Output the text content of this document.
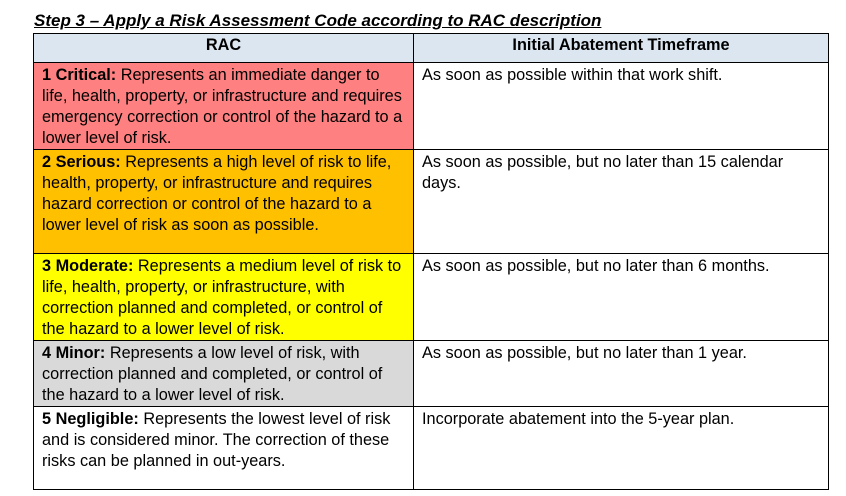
Step 3 – Apply a Risk Assessment Code according to RAC description
RAC	Initial Abatement Timeframe
1 Critical: Represents an immediate danger to life, health, property, or infrastructure and requires emergency correction or control of the hazard to a lower level of risk.	As soon as possible within that work shift.
2 Serious: Represents a high level of risk to life, health, property, or infrastructure and requires hazard correction or control of the hazard to a lower level of risk as soon as possible.	As soon as possible, but no later than 15 calendar days.
3 Moderate: Represents a medium level of risk to life, health, property, or infrastructure, with correction planned and completed, or control of the hazard to a lower level of risk.	As soon as possible, but no later than 6 months.
4 Minor: Represents a low level of risk, with correction planned and completed, or control of the hazard to a lower level of risk.	As soon as possible, but no later than 1 year.
5 Negligible: Represents the lowest level of risk and is considered minor. The correction of these risks can be planned in out-years.	Incorporate abatement into the 5-year plan.
